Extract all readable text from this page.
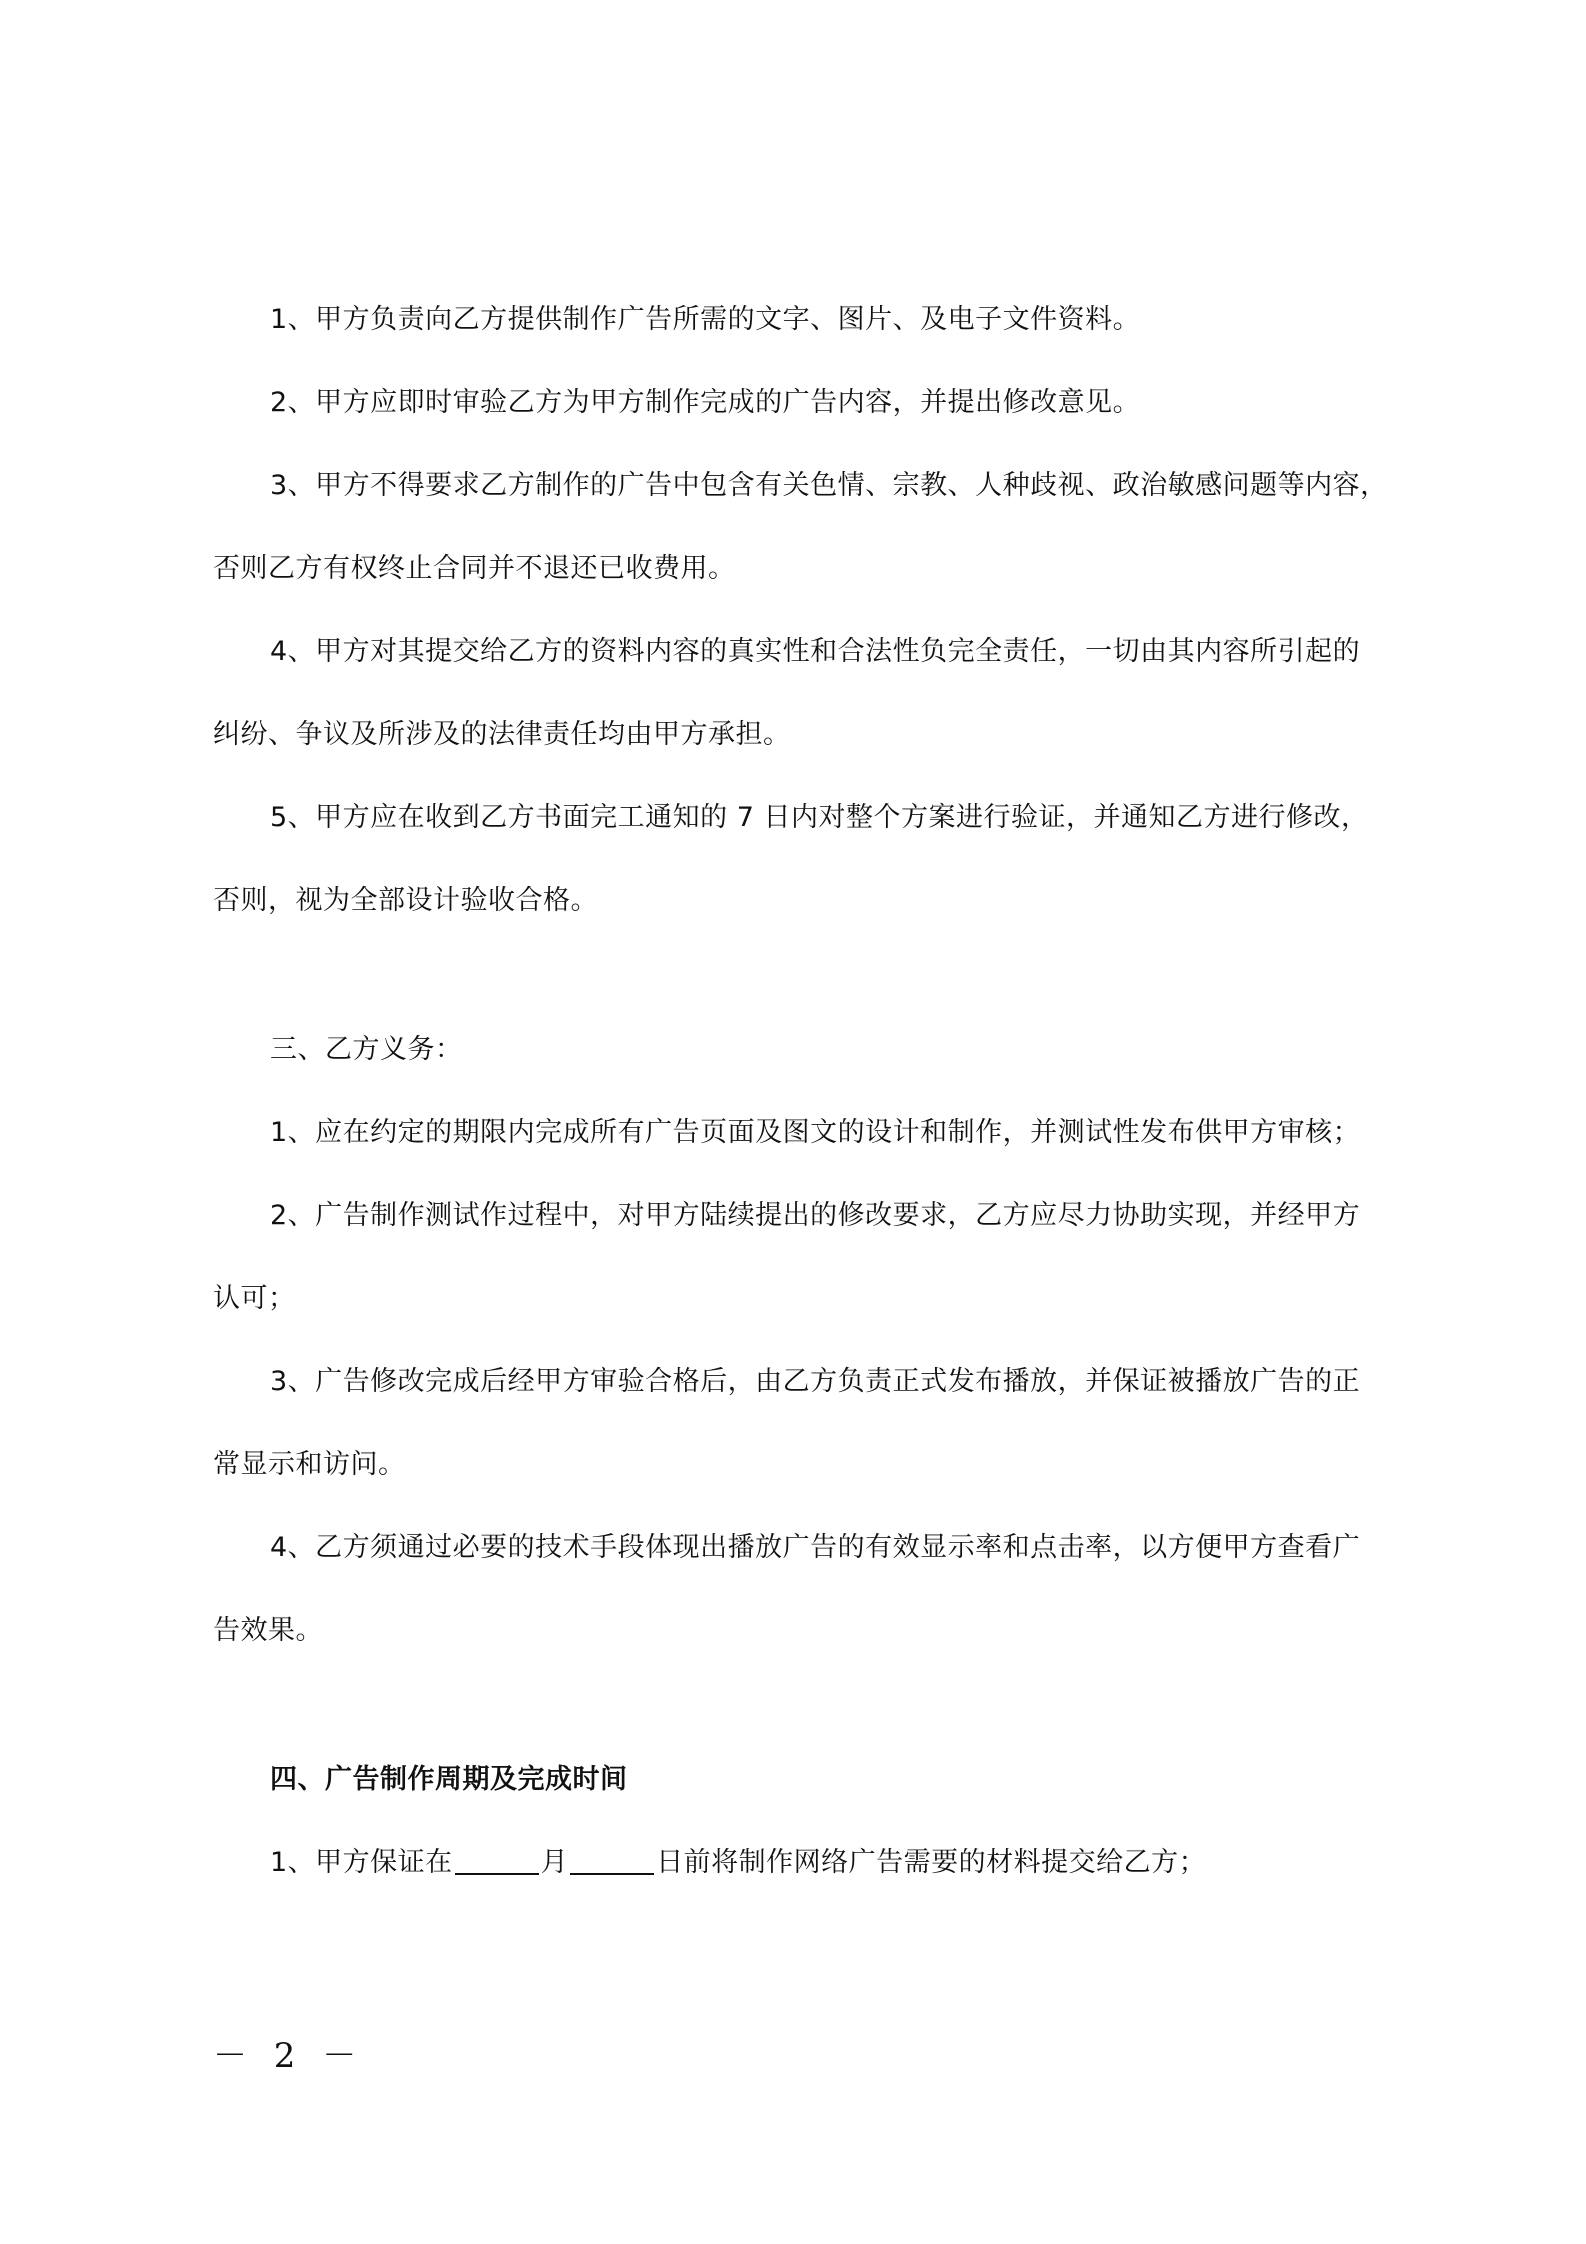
1、甲方负责向乙方提供制作广告所需的文字、图片、及电子文件资料。
2、甲方应即时审验乙方为甲方制作完成的广告内容，并提出修改意见。
3、甲方不得要求乙方制作的广告中包含有关色情、宗教、人种歧视、政治敏感问题等内容，
否则乙方有权终止合同并不退还已收费用。
4、甲方对其提交给乙方的资料内容的真实性和合法性负完全责任，一切由其内容所引起的
纠纷、争议及所涉及的法律责任均由甲方承担。
5、甲方应在收到乙方书面完工通知的 7 日内对整个方案进行验证，并通知乙方进行修改，
否则，视为全部设计验收合格。
三、乙方义务：
1、应在约定的期限内完成所有广告页面及图文的设计和制作，并测试性发布供甲方审核；
2、广告制作测试作过程中，对甲方陆续提出的修改要求，乙方应尽力协助实现，并经甲方
认可；
3、广告修改完成后经甲方审验合格后，由乙方负责正式发布播放，并保证被播放广告的正
常显示和访问。
4、乙方须通过必要的技术手段体现出播放广告的有效显示率和点击率，以方便甲方查看广
告效果。
四、广告制作周期及完成时间
1、甲方保证在	月	日前将制作网络广告需要的材料提交给乙方；
－ 2 －
